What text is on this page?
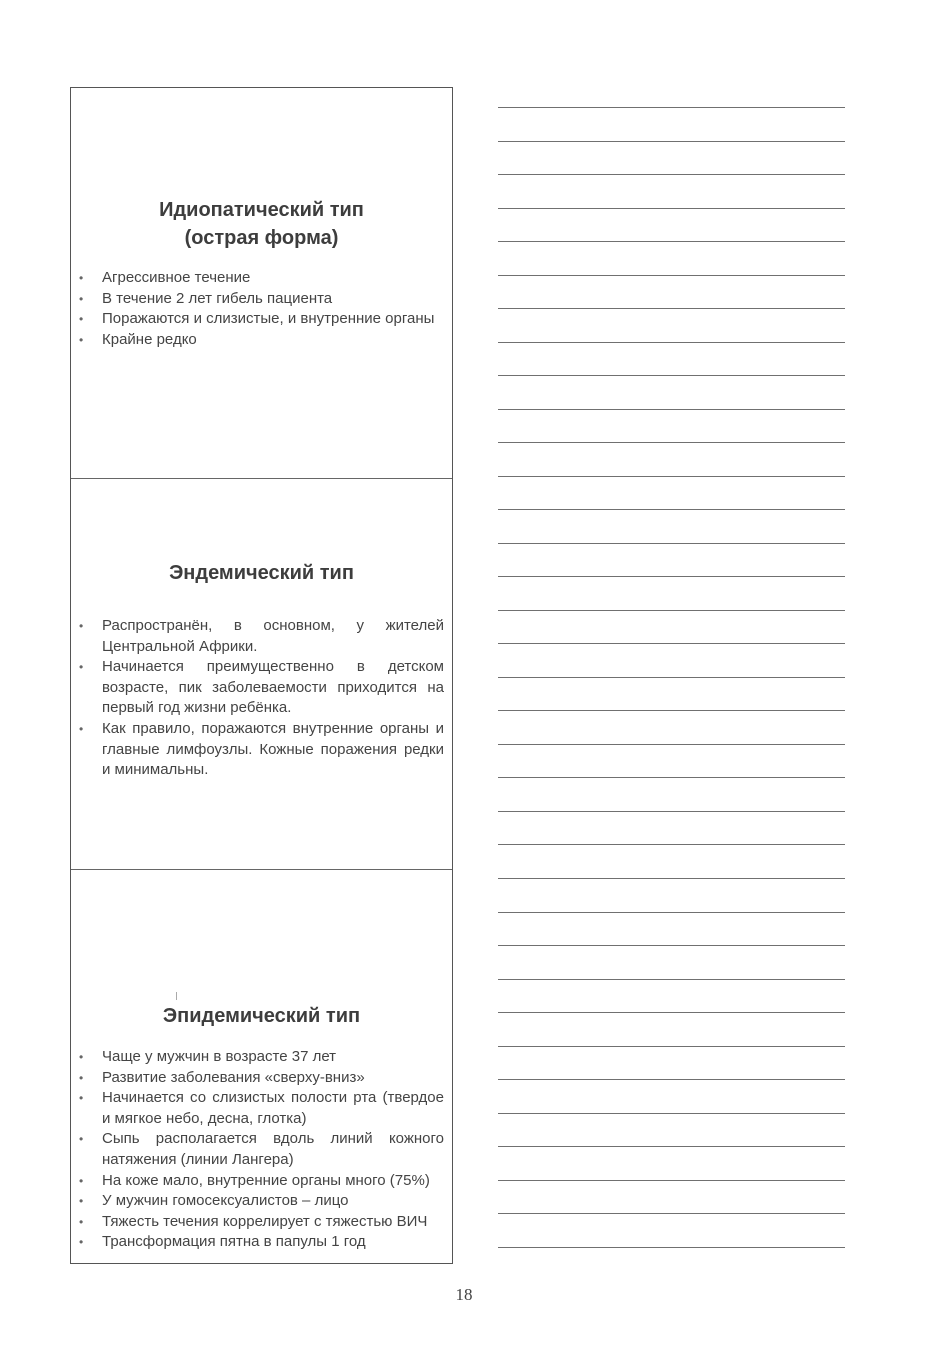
Идиопатический тип
(острая форма)
• Агрессивное течение
• В течение 2 лет гибель пациента
• Поражаются и слизистые, и внутренние органы
• Крайне редко
Эндемический тип
• Распространён, в основном, у жителей Центральной Африки.
• Начинается преимущественно в детском возрасте, пик заболеваемости приходится на первый год жизни ребёнка.
• Как правило, поражаются внутренние органы и главные лимфоузлы. Кожные поражения редки и минимальны.
Эпидемический тип
• Чаще у мужчин в возрасте 37 лет
• Развитие заболевания «сверху-вниз»
• Начинается со слизистых полости рта (твердое и мягкое небо, десна, глотка)
• Сыпь располагается вдоль линий кожного натяжения (линии Лангера)
• На коже мало, внутренние органы много (75%)
• У мужчин гомосексуалистов – лицо
• Тяжесть течения коррелирует с тяжестью ВИЧ
• Трансформация пятна в папулы 1 год
18
